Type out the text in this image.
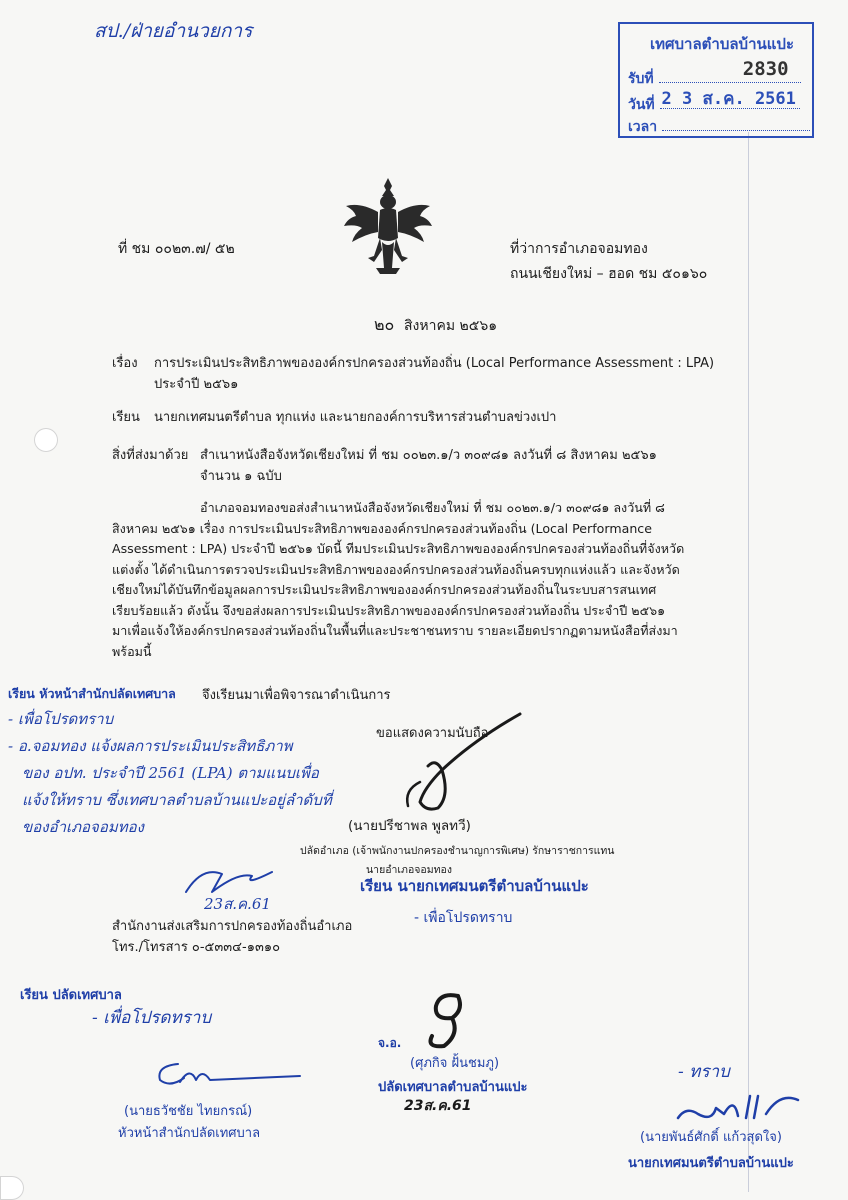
สป./ฝ่ายอำนวยการ
เทศบาลตำบลบ้านแปะ
รับที่	2830
วันที่ 2 3 ส.ค. 2561
เวลา
ที่ ชม ๐๐๒๓.๗/ ๕๒	ที่ว่าการอำเภอจอมทอง
ถนนเชียงใหม่ – ฮอด ชม ๕๐๑๖๐
๒๐ สิงหาคม ๒๕๖๑
เรื่อง การประเมินประสิทธิภาพขององค์กรปกครองส่วนท้องถิ่น (Local Performance Assessment : LPA)
ประจำปี ๒๕๖๑
เรียน นายกเทศมนตรีตำบล ทุกแห่ง และนายกองค์การบริหารส่วนตำบลข่วงเปา
สิ่งที่ส่งมาด้วย สำเนาหนังสือจังหวัดเชียงใหม่ ที่ ชม ๐๐๒๓.๑/ว ๓๐๙๘๑ ลงวันที่ ๘ สิงหาคม ๒๕๖๑
จำนวน ๑ ฉบับ
อำเภอจอมทองขอส่งสำเนาหนังสือจังหวัดเชียงใหม่ ที่ ชม ๐๐๒๓.๑/ว ๓๐๙๘๑ ลงวันที่ ๘
สิงหาคม ๒๕๖๑ เรื่อง การประเมินประสิทธิภาพขององค์กรปกครองส่วนท้องถิ่น (Local Performance
Assessment : LPA) ประจำปี ๒๕๖๑ บัดนี้ ทีมประเมินประสิทธิภาพขององค์กรปกครองส่วนท้องถิ่นที่จังหวัด
แต่งตั้ง ได้ดำเนินการตรวจประเมินประสิทธิภาพขององค์กรปกครองส่วนท้องถิ่นครบทุกแห่งแล้ว และจังหวัด
เชียงใหม่ได้บันทึกข้อมูลผลการประเมินประสิทธิภาพขององค์กรปกครองส่วนท้องถิ่นในระบบสารสนเทศ
เรียบร้อยแล้ว ดังนั้น จึงขอส่งผลการประเมินประสิทธิภาพขององค์กรปกครองส่วนท้องถิ่น ประจำปี ๒๕๖๑
มาเพื่อแจ้งให้องค์กรปกครองส่วนท้องถิ่นในพื้นที่และประชาชนทราบ รายละเอียดปรากฏตามหนังสือที่ส่งมา
พร้อมนี้
จึงเรียนมาเพื่อพิจารณาดำเนินการ
เรียน หัวหน้าสำนักปลัดเทศบาล
- เพื่อโปรดทราบ
- อ.จอมทอง แจ้งผลการประเมินประสิทธิภาพ
ของ อปท. ประจำปี 2561 (LPA) ตามแนบเพื่อ
แจ้งให้ทราบ ซึ่งเทศบาลตำบลบ้านแปะอยู่ลำดับที่
ของอำเภอจอมทอง
ขอแสดงความนับถือ
(นายปรีชาพล พูลทวี)
ปลัดอำเภอ (เจ้าพนักงานปกครองชำนาญการพิเศษ) รักษาราชการแทน
นายอำเภอจอมทอง
เรียน นายกเทศมนตรีตำบลบ้านแปะ
- เพื่อโปรดทราบ
23ส.ค.61
สำนักงานส่งเสริมการปกครองท้องถิ่นอำเภอ
โทร./โทรสาร ๐-๕๓๓๔-๑๓๑๐
เรียน ปลัดเทศบาล
- เพื่อโปรดทราบ
(นายธวัชชัย ไทยกรณ์)
หัวหน้าสำนักปลัดเทศบาล
จ.อ.
(ศุภกิจ ฝั้นชมภู)
ปลัดเทศบาลตำบลบ้านแปะ
23ส.ค.61
- ทราบ
(นายพันธ์ศักดิ์ แก้วสุดใจ)
นายกเทศมนตรีตำบลบ้านแปะ
